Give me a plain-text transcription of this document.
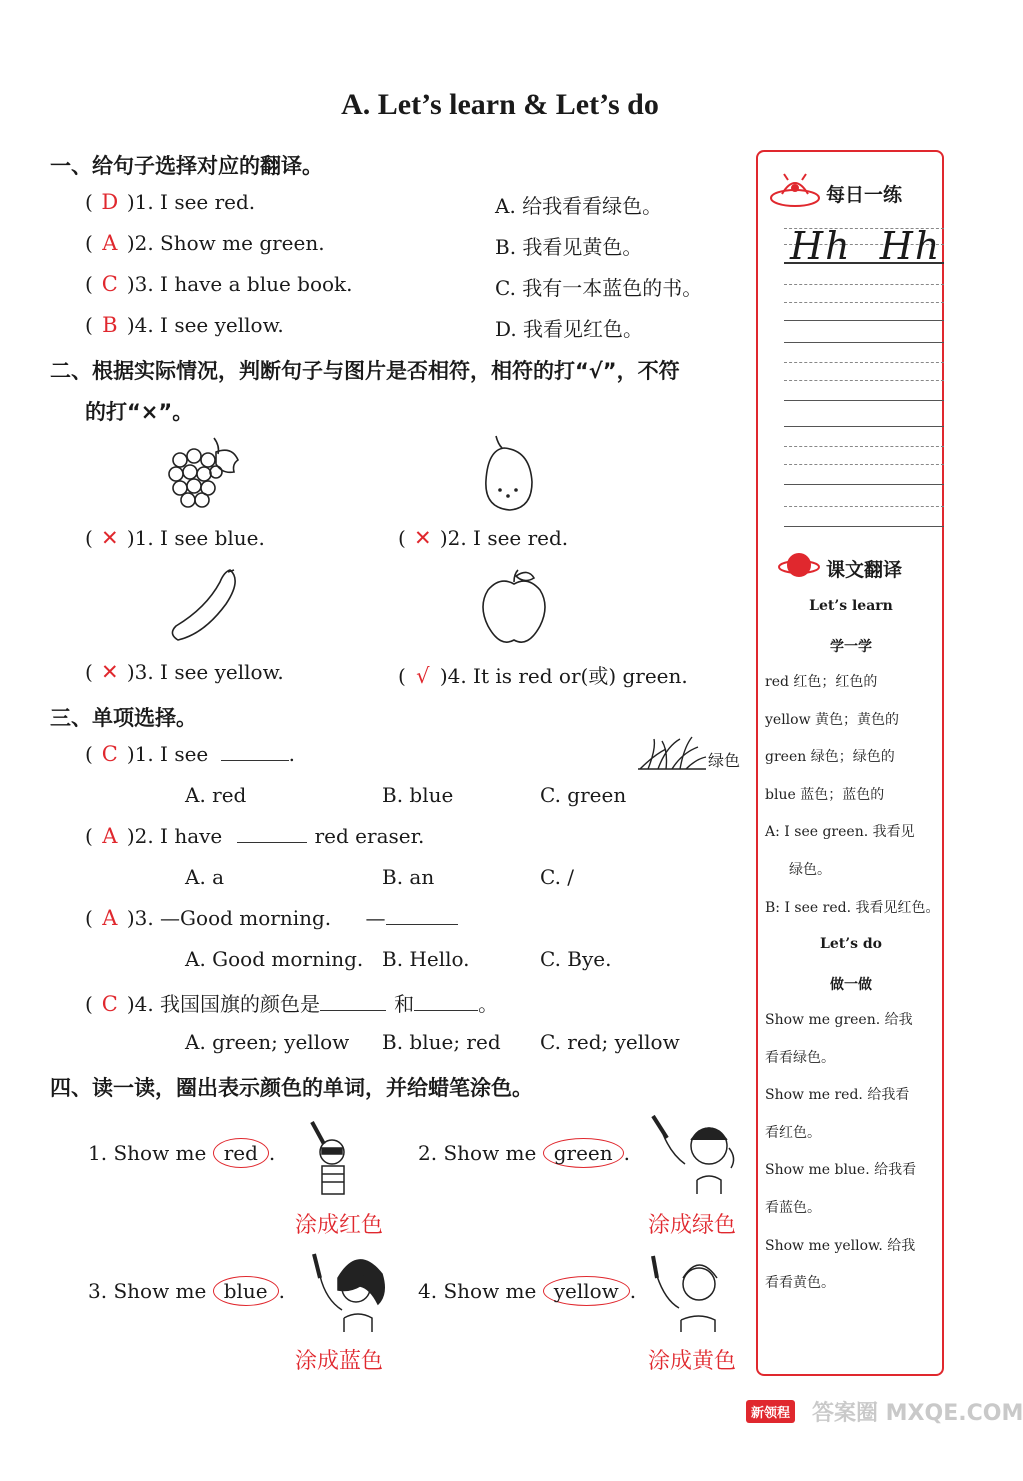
A. Let’s learn & Let’s do
一、给句子选择对应的翻译。
( D )1. I see red.	A. 给我看看绿色。
( A )2. Show me green.	B. 我看见黄色。
( C )3. I have a blue book.	C. 我有一本蓝色的书。
( B )4. I see yellow.	D. 我看见红色。
二、根据实际情况，判断句子与图片是否相符，相符的打“√”，不符
的打“×”。
( ✕ )1. I see blue.	( ✕ )2. I see red.
( ✕ )3. I see yellow.	( √ )4. It is red or(或) green.
三、单项选择。
绿色
( C )1. I see	.
A. red	B. blue	C. green
( A )2. I have	red eraser.
A. a	B. an	C. /
( A )3. —Good morning. —
A. Good morning. B. Hello.	C. Bye.
( C )4. 我国国旗的颜色是	和	。
A. green; yellow B. blue; red C. red; yellow
四、读一读，圈出表示颜色的单词，并给蜡笔涂色。
1. Show me red .
涂成红色
2. Show me green .
涂成绿色
3. Show me blue .
涂成蓝色
4. Show me yellow .
涂成黄色
每日一练
Hh  Hh
课文翻译
Let’s learn
学一学
red 红色；红色的
yellow 黄色；黄色的
green 绿色；绿色的
blue 蓝色；蓝色的
A: I see green. 我看见
绿色。
B: I see red. 我看见红色。
Let’s do
做一做
Show me green. 给我
看看绿色。
Show me red. 给我看
看红色。
Show me blue. 给我看
看蓝色。
Show me yellow. 给我
看看黄色。
新领程 答案圈 MXQE.COM
